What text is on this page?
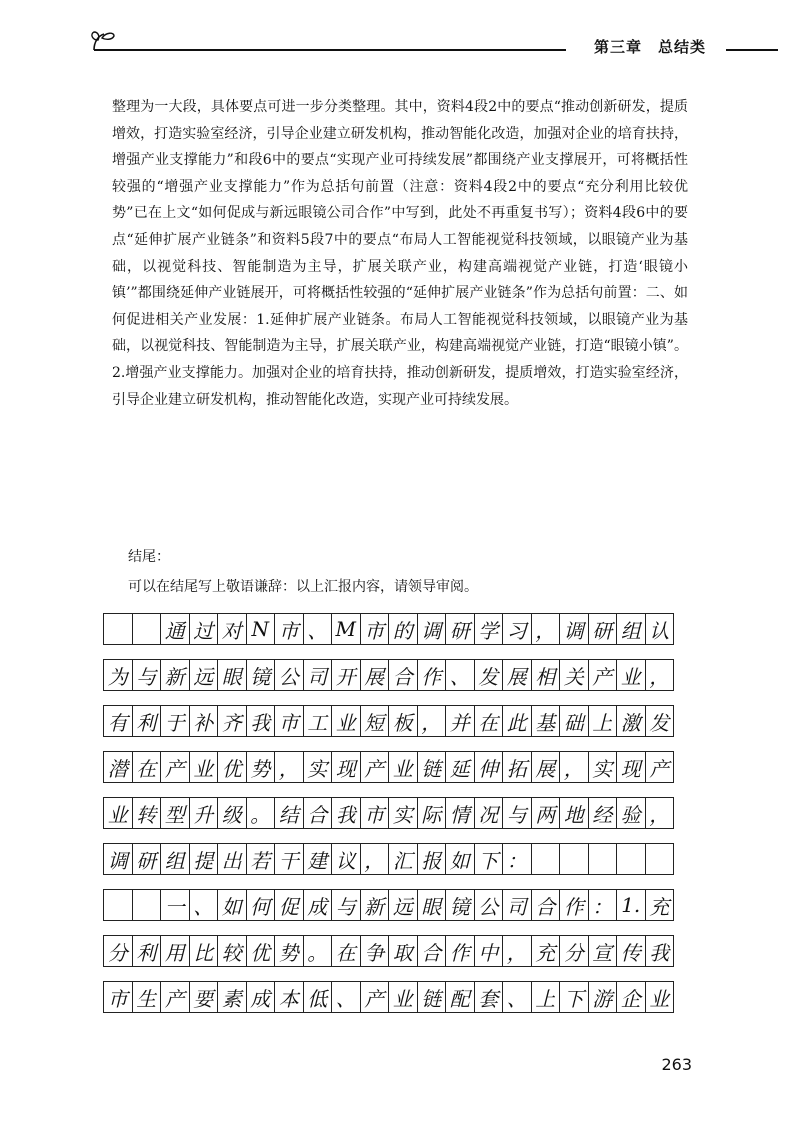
第三章　总结类

整理为一大段，具体要点可进一步分类整理。其中，资料4段2中的要点“推动创新研发，提质增效，打造实验室经济，引导企业建立研发机构，推动智能化改造，加强对企业的培育扶持，增强产业支撑能力”和段6中的要点“实现产业可持续发展”都围绕产业支撑展开，可将概括性较强的“增强产业支撑能力”作为总括句前置（注意：资料4段2中的要点“充分利用比较优势”已在上文“如何促成与新远眼镜公司合作”中写到，此处不再重复书写）；资料4段6中的要点“延伸扩展产业链条”和资料5段7中的要点“布局人工智能视觉科技领域，以眼镜产业为基础，以视觉科技、智能制造为主导，扩展关联产业，构建高端视觉产业链，打造‘眼镜小镇’”都围绕延伸产业链展开，可将概括性较强的“延伸扩展产业链条”作为总括句前置：二、如何促进相关产业发展：1.延伸扩展产业链条。布局人工智能视觉科技领域，以眼镜产业为基础，以视觉科技、智能制造为主导，扩展关联产业，构建高端视觉产业链，打造“眼镜小镇”。2.增强产业支撑能力。加强对企业的培育扶持，推动创新研发，提质增效，打造实验室经济，引导企业建立研发机构，推动智能化改造，实现产业可持续发展。

结尾：
可以在结尾写上敬语谦辞：以上汇报内容，请领导审阅。
通 过 对 N 市 、 M 市 的 调 研 学 习 ， 调 研 组 认
为 与 新 远 眼 镜 公 司 开 展 合 作 、 发 展 相 关 产 业 ，
有 利 于 补 齐 我 市 工 业 短 板 ， 并 在 此 基 础 上 激 发
潜 在 产 业 优 势 ， 实 现 产 业 链 延 伸 拓 展 ， 实 现 产
业 转 型 升 级 。 结 合 我 市 实 际 情 况 与 两 地 经 验 ，
调 研 组 提 出 若 干 建 议 ， 汇 报 如 下 ：
一 、 如 何 促 成 与 新 远 眼 镜 公 司 合 作 ： 1. 充
分 利 用 比 较 优 势 。 在 争 取 合 作 中 ， 充 分 宣 传 我
市 生 产 要 素 成 本 低 、 产 业 链 配 套 、 上 下 游 企 业
263
